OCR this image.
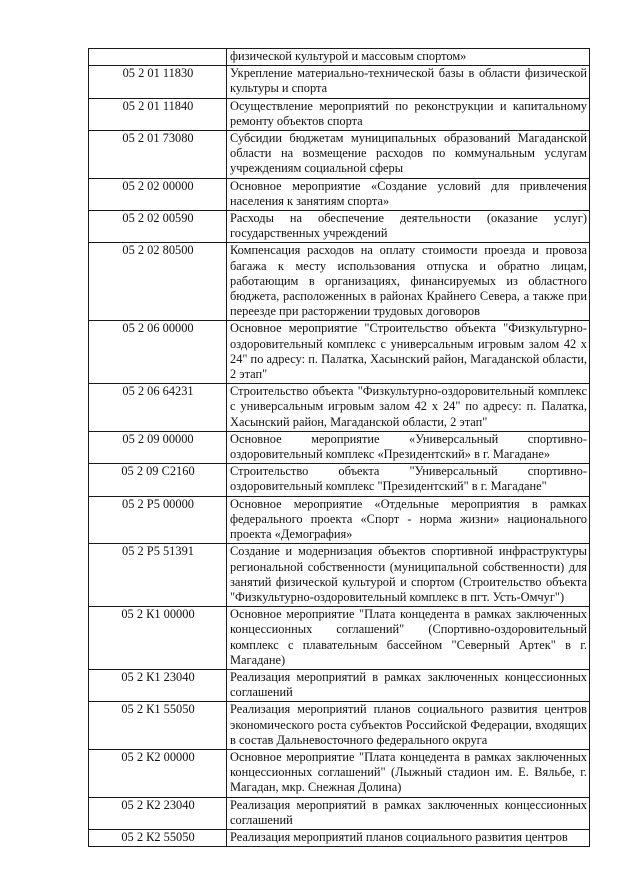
	физической культурой и массовым спортом»
05 2 01 11830	Укрепление материально-технической базы в области физической культуры и спорта
05 2 01 11840	Осуществление мероприятий по реконструкции и капитальному ремонту объектов спорта
05 2 01 73080	Субсидии бюджетам муниципальных образований Магаданской области на возмещение расходов по коммунальным услугам учреждениям социальной сферы
05 2 02 00000	Основное мероприятие «Создание условий для привлечения населения к занятиям спорта»
05 2 02 00590	Расходы на обеспечение деятельности (оказание услуг) государственных учреждений
05 2 02 80500	Компенсация расходов на оплату стоимости проезда и провоза багажа к месту использования отпуска и обратно лицам, работающим в организациях, финансируемых из областного бюджета, расположенных в районах Крайнего Севера, а также при переезде при расторжении трудовых договоров
05 2 06 00000	Основное мероприятие "Строительство объекта "Физкультурно-оздоровительный комплекс с универсальным игровым залом 42 х 24" по адресу: п. Палатка, Хасынский район, Магаданской области, 2 этап"
05 2 06 64231	Строительство объекта "Физкультурно-оздоровительный комплекс с универсальным игровым залом 42 х 24" по адресу: п. Палатка, Хасынский район, Магаданской области, 2 этап"
05 2 09 00000	Основное мероприятие «Универсальный спортивно-оздоровительный комплекс «Президентский» в г. Магадане»
05 2 09 С2160	Строительство объекта "Универсальный спортивно-оздоровительный комплекс "Президентский" в г. Магадане"
05 2 Р5 00000	Основное мероприятие «Отдельные мероприятия в рамках федерального проекта «Спорт - норма жизни» национального проекта «Демография»
05 2 Р5 51391	Создание и модернизация объектов спортивной инфраструктуры региональной собственности (муниципальной собственности) для занятий физической культурой и спортом (Строительство объекта "Физкультурно-оздоровительный комплекс в пгт. Усть-Омчуг")
05 2 К1 00000	Основное мероприятие "Плата концедента в рамках заключенных концессионных соглашений" (Спортивно-оздоровительный комплекс с плавательным бассейном "Северный Артек" в г. Магадане)
05 2 К1 23040	Реализация мероприятий в рамках заключенных концессионных соглашений
05 2 К1 55050	Реализация мероприятий планов социального развития центров экономического роста субъектов Российской Федерации, входящих в состав Дальневосточного федерального округа
05 2 К2 00000	Основное мероприятие "Плата концедента в рамках заключенных концессионных соглашений" (Лыжный стадион им. Е. Вяльбе, г. Магадан, мкр. Снежная Долина)
05 2 К2 23040	Реализация мероприятий в рамках заключенных концессионных соглашений
05 2 К2 55050	Реализация мероприятий планов социального развития центров
